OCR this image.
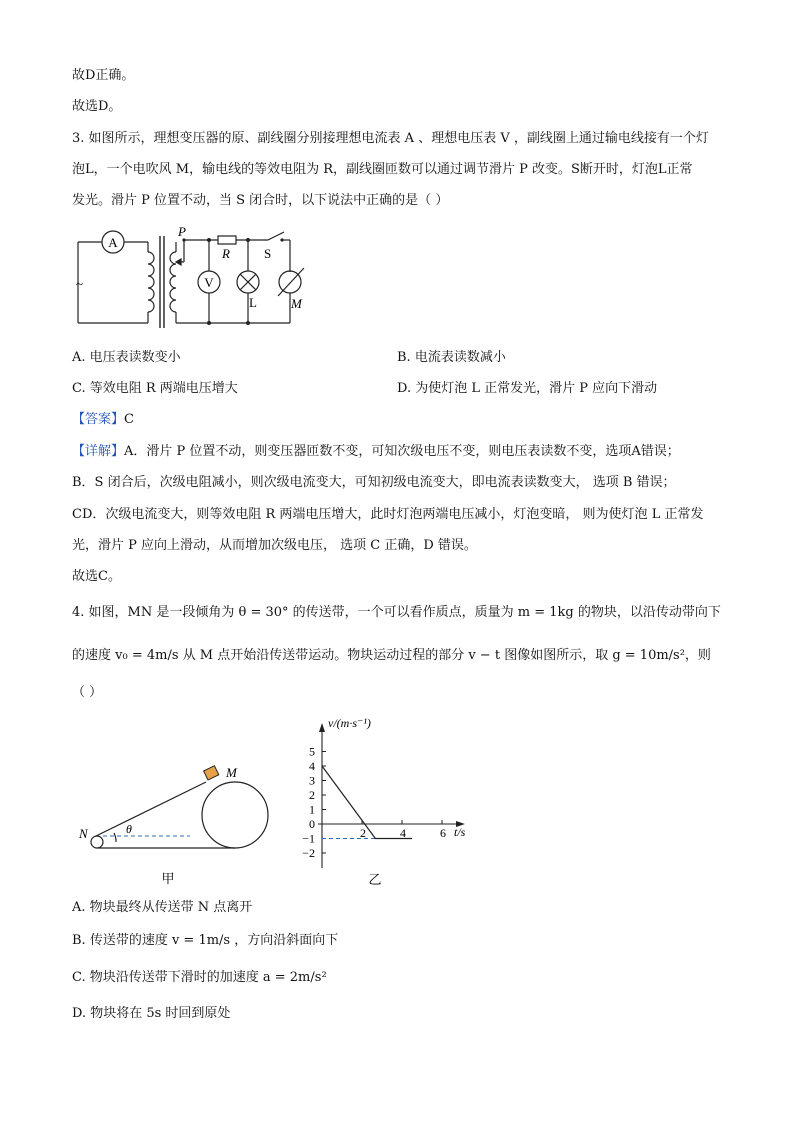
故D正确。
故选D。
3. 如图所示，理想变压器的原、副线圈分别接理想电流表 A 、理想电压表 V ，副线圈上通过输电线接有一个灯
泡L，一个电吹风 M，输电线的等效电阻为 R，副线圈匝数可以通过调节滑片 P 改变。S断开时，灯泡L正常
发光。滑片 P 位置不动，当 S 闭合时，以下说法中正确的是（ ）
A
V
~
P
R	S
L	M
A. 电压表读数变小	B. 电流表读数减小
C. 等效电阻 R 两端电压增大	D. 为使灯泡 L 正常发光，滑片 P 应向下滑动
【答案】C
【详解】A．滑片 P 位置不动，则变压器匝数不变，可知次级电压不变，则电压表读数不变，选项A错误；
B．S 闭合后，次级电阻减小，则次级电流变大，可知初级电流变大，即电流表读数变大， 选项 B 错误；
CD．次级电流变大，则等效电阻 R 两端电压增大，此时灯泡两端电压减小，灯泡变暗， 则为使灯泡 L 正常发
光，滑片 P 应向上滑动，从而增加次级电压， 选项 C 正确，D 错误。
故选C。
4. 如图，MN 是一段倾角为 θ = 30° 的传送带，一个可以看作质点，质量为 m = 1kg 的物块，以沿传动带向下
的速度 v₀ = 4m/s 从 M 点开始沿传送带运动。物块运动过程的部分 v − t 图像如图所示，取 g = 10m/s²，则
（ ）
N
M
θ
甲
v/(m·s⁻¹)
t/s
5
4
3
2
1
0
−1
−2
2	4	6
乙
A. 物块最终从传送带 N 点离开
B. 传送带的速度 v = 1m/s ，方向沿斜面向下
C. 物块沿传送带下滑时的加速度 a = 2m/s²
D. 物块将在 5s 时回到原处
